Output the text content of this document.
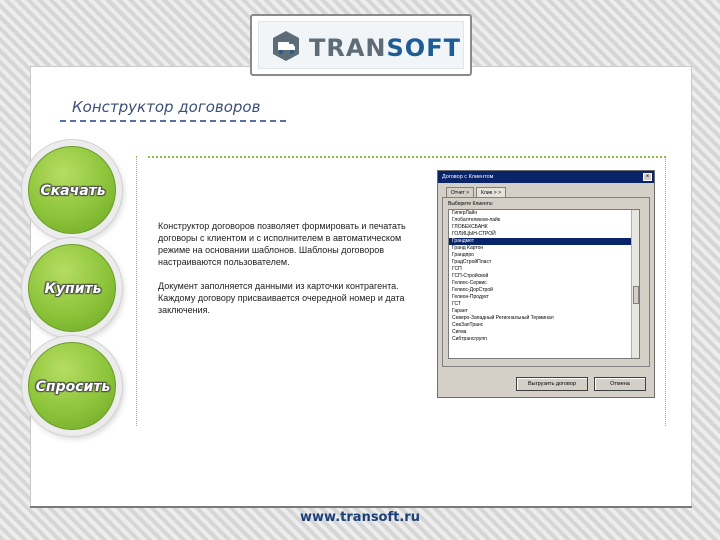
TRANSOFT
Конструктор договоров
Скачать
Купить
Спросить

Конструктор договоров позволяет формировать и печатать договоры с клиентом и с исполнителем в автоматическом режиме на основании шаблонов. Шаблоны договоров настраиваются пользователем.

Документ заполняется данными из карточки контрагента. Каждому договору присваивается очередной номер и дата заключения.

Договор с Клиентом	×
Отчет >	Клие > >
Выберите Клиента:
ГиперЛайн
Глобалтелеком-лайк
ГЛОБЕКСБАНК
ГОЛИЦЫН-СТРОЙ
Грандмет
Гранд Картон
Грандпро
ГрадСтройПласт
ГСП
ГСП-Стройсвой
Гелиос-Сервис
Гелиос-ДорСтрой
Гелион-Продукт
ГСТ
Гарант
Северо-Западный Региональный Терминал
СевЗапТранс
Сигма
Сибтрансгрупп
Выгрузить договор	Отмена
www.transoft.ru
